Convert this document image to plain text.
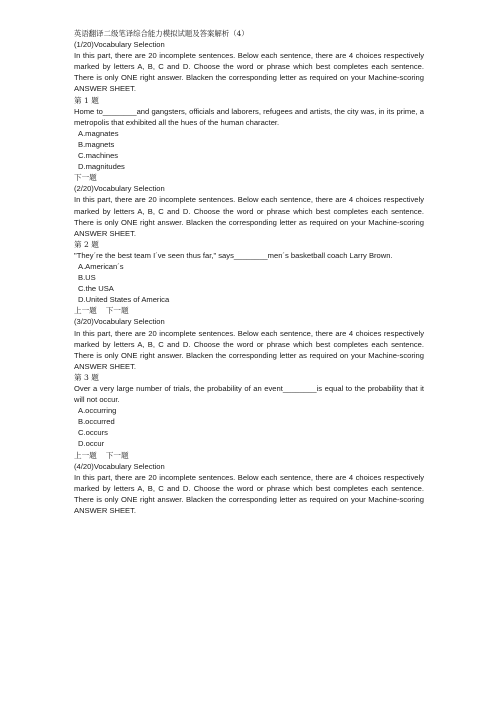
英语翻译二级笔译综合能力模拟试题及答案解析（4）

(1/20)Vocabulary Selection

In this part, there are 20 incomplete sentences. Below each sentence, there are 4 choices respectively marked by letters A, B, C and D. Choose the word or phrase which best completes each sentence. There is only ONE right answer. Blacken the corresponding letter as required on your Machine-scoring ANSWER SHEET.

第 1 题

Home to________and gangsters, officials and laborers, refugees and artists, the city was, in its prime, a metropolis that exhibited all the hues of the human character.

A.magnates
B.magnets
C.machines
D.magnitudes

下一题

(2/20)Vocabulary Selection

In this part, there are 20 incomplete sentences. Below each sentence, there are 4 choices respectively marked by letters A, B, C and D. Choose the word or phrase which best completes each sentence. There is only ONE right answer. Blacken the corresponding letter as required on your Machine-scoring ANSWER SHEET.

第 2 题

"They´re the best team I´ve seen thus far," says________men´s basketball coach Larry Brown.

A.American´s
B.US
C.the USA
D.United States of America

上一题 下一题

(3/20)Vocabulary Selection

In this part, there are 20 incomplete sentences. Below each sentence, there are 4 choices respectively marked by letters A, B, C and D. Choose the word or phrase which best completes each sentence. There is only ONE right answer. Blacken the corresponding letter as required on your Machine-scoring ANSWER SHEET.

第 3 题

Over a very large number of trials, the probability of an event________is equal to the probability that it will not occur.

A.occurring
B.occurred
C.occurs
D.occur

上一题 下一题

(4/20)Vocabulary Selection

In this part, there are 20 incomplete sentences. Below each sentence, there are 4 choices respectively marked by letters A, B, C and D. Choose the word or phrase which best completes each sentence. There is only ONE right answer. Blacken the corresponding letter as required on your Machine-scoring ANSWER SHEET.
